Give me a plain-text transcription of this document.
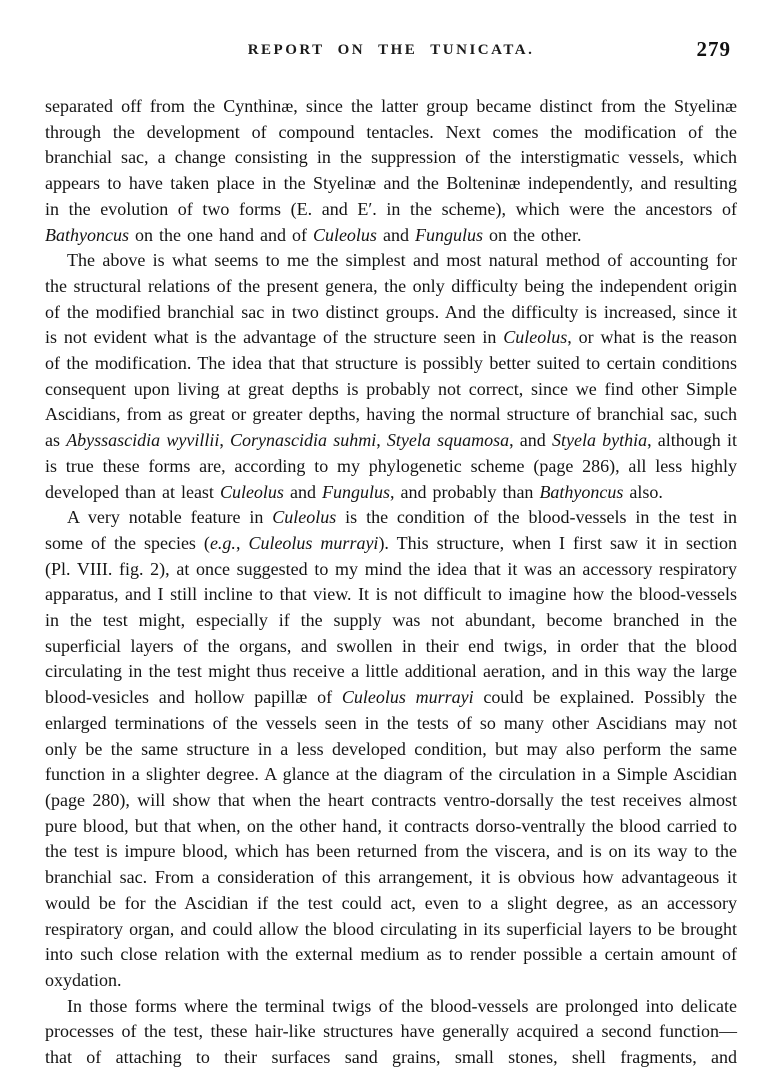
REPORT ON THE TUNICATA.	279

separated off from the Cynthinæ, since the latter group became distinct from the Styelinæ through the development of compound tentacles. Next comes the modification of the branchial sac, a change consisting in the suppression of the interstigmatic vessels, which appears to have taken place in the Styelinæ and the Bolteninæ independently, and resulting in the evolution of two forms (E. and E′. in the scheme), which were the ancestors of Bathyoncus on the one hand and of Culeolus and Fungulus on the other.

The above is what seems to me the simplest and most natural method of accounting for the structural relations of the present genera, the only difficulty being the independent origin of the modified branchial sac in two distinct groups. And the difficulty is increased, since it is not evident what is the advantage of the structure seen in Culeolus, or what is the reason of the modification. The idea that that structure is possibly better suited to certain conditions consequent upon living at great depths is probably not correct, since we find other Simple Ascidians, from as great or greater depths, having the normal structure of branchial sac, such as Abyssascidia wyvillii, Corynascidia suhmi, Styela squamosa, and Styela bythia, although it is true these forms are, according to my phylogenetic scheme (page 286), all less highly developed than at least Culeolus and Fungulus, and probably than Bathyoncus also.

A very notable feature in Culeolus is the condition of the blood-vessels in the test in some of the species (e.g., Culeolus murrayi). This structure, when I first saw it in section (Pl. VIII. fig. 2), at once suggested to my mind the idea that it was an accessory respiratory apparatus, and I still incline to that view. It is not difficult to imagine how the blood-vessels in the test might, especially if the supply was not abundant, become branched in the superficial layers of the organs, and swollen in their end twigs, in order that the blood circulating in the test might thus receive a little additional aeration, and in this way the large blood-vesicles and hollow papillæ of Culeolus murrayi could be explained. Possibly the enlarged terminations of the vessels seen in the tests of so many other Ascidians may not only be the same structure in a less developed condition, but may also perform the same function in a slighter degree. A glance at the diagram of the circulation in a Simple Ascidian (page 280), will show that when the heart contracts ventro-dorsally the test receives almost pure blood, but that when, on the other hand, it contracts dorso-ventrally the blood carried to the test is impure blood, which has been returned from the viscera, and is on its way to the branchial sac. From a consideration of this arrangement, it is obvious how advantageous it would be for the Ascidian if the test could act, even to a slight degree, as an accessory respiratory organ, and could allow the blood circulating in its superficial layers to be brought into such close relation with the external medium as to render possible a certain amount of oxydation.

In those forms where the terminal twigs of the blood-vessels are prolonged into delicate processes of the test, these hair-like structures have generally acquired a second function—that of attaching to their surfaces sand grains, small stones, shell fragments, and
